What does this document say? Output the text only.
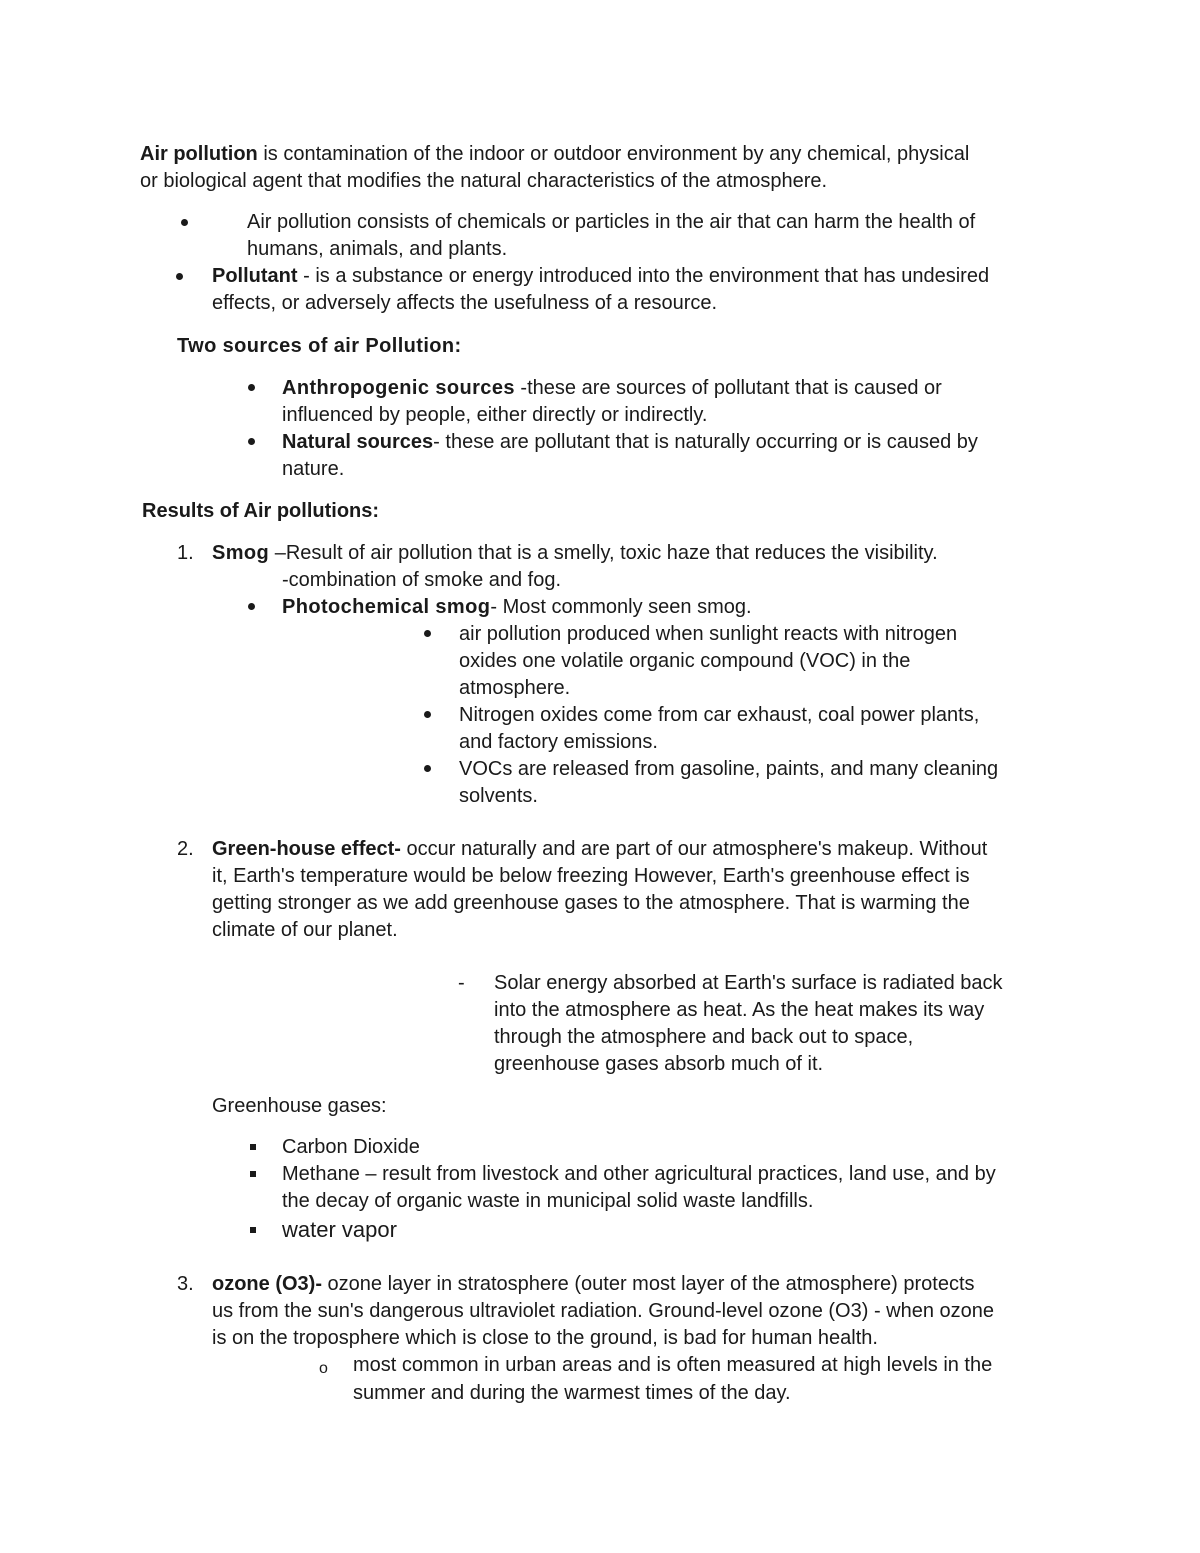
Air pollution is contamination of the indoor or outdoor environment by any chemical, physical

or biological agent that modifies the natural characteristics of the atmosphere.

Air pollution consists of chemicals or particles in the air that can harm the health of

humans, animals, and plants.

Pollutant - is a substance or energy introduced into the environment that has undesired

effects, or adversely affects the usefulness of a resource.

Two sources of air Pollution:

Anthropogenic sources -these are sources of pollutant that is caused or

influenced by people, either directly or indirectly.

Natural sources- these are pollutant that is naturally occurring or is caused by

nature.

Results of Air pollutions:

1. Smog –Result of air pollution that is a smelly, toxic haze that reduces the visibility.

-combination of smoke and fog.

Photochemical smog- Most commonly seen smog.

air pollution produced when sunlight reacts with nitrogen

oxides one volatile organic compound (VOC) in the

atmosphere.

Nitrogen oxides come from car exhaust, coal power plants,

and factory emissions.

VOCs are released from gasoline, paints, and many cleaning

solvents.

2. Green-house effect- occur naturally and are part of our atmosphere's makeup. Without

it, Earth's temperature would be below freezing However, Earth's greenhouse effect is

getting stronger as we add greenhouse gases to the atmosphere. That is warming the

climate of our planet.

- Solar energy absorbed at Earth's surface is radiated back

into the atmosphere as heat. As the heat makes its way

through the atmosphere and back out to space,

greenhouse gases absorb much of it.

Greenhouse gases:

Carbon Dioxide

Methane – result from livestock and other agricultural practices, land use, and by

the decay of organic waste in municipal solid waste landfills.

water vapor

3. ozone (O3)- ozone layer in stratosphere (outer most layer of the atmosphere) protects

us from the sun's dangerous ultraviolet radiation. Ground-level ozone (O3) - when ozone

is on the troposphere which is close to the ground, is bad for human health.

o most common in urban areas and is often measured at high levels in the

summer and during the warmest times of the day.
